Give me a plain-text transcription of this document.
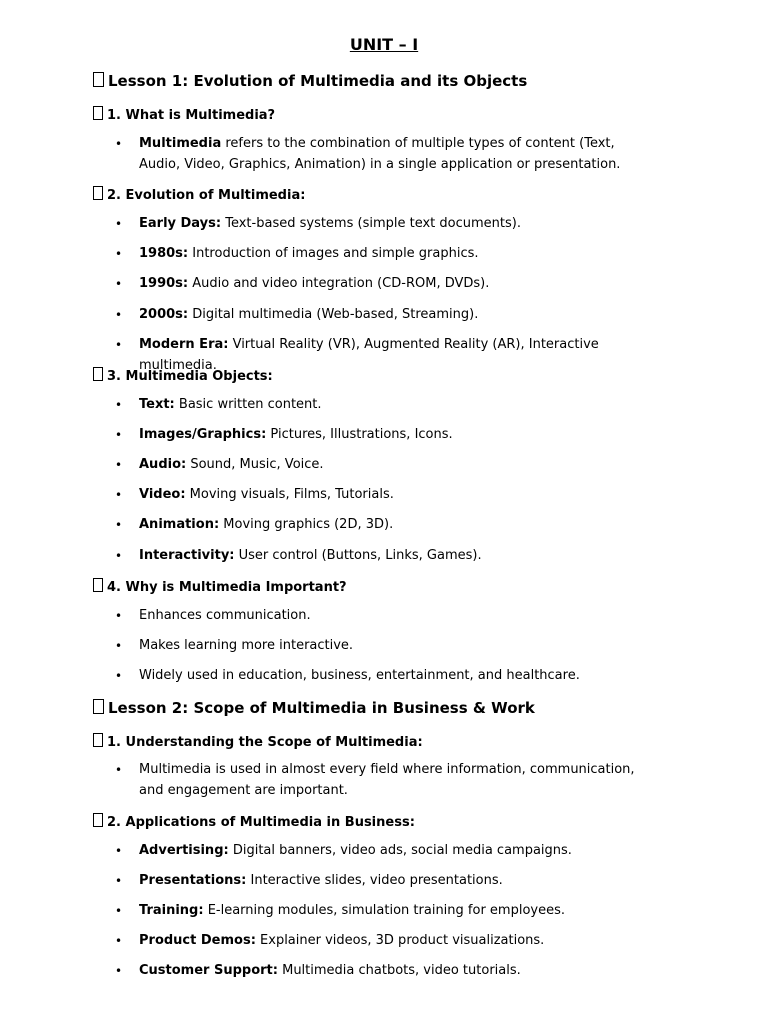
UNIT – I
Lesson 1: Evolution of Multimedia and its Objects
1. What is Multimedia?
• Multimedia refers to the combination of multiple types of content (Text, Audio, Video, Graphics, Animation) in a single application or presentation.
2. Evolution of Multimedia:
• Early Days: Text-based systems (simple text documents).
• 1980s: Introduction of images and simple graphics.
• 1990s: Audio and video integration (CD-ROM, DVDs).
• 2000s: Digital multimedia (Web-based, Streaming).
• Modern Era: Virtual Reality (VR), Augmented Reality (AR), Interactive multimedia.
3. Multimedia Objects:
• Text: Basic written content.
• Images/Graphics: Pictures, Illustrations, Icons.
• Audio: Sound, Music, Voice.
• Video: Moving visuals, Films, Tutorials.
• Animation: Moving graphics (2D, 3D).
• Interactivity: User control (Buttons, Links, Games).
4. Why is Multimedia Important?
• Enhances communication.
• Makes learning more interactive.
• Widely used in education, business, entertainment, and healthcare.
Lesson 2: Scope of Multimedia in Business & Work
1. Understanding the Scope of Multimedia:
• Multimedia is used in almost every field where information, communication, and engagement are important.
2. Applications of Multimedia in Business:
• Advertising: Digital banners, video ads, social media campaigns.
• Presentations: Interactive slides, video presentations.
• Training: E-learning modules, simulation training for employees.
• Product Demos: Explainer videos, 3D product visualizations.
• Customer Support: Multimedia chatbots, video tutorials.
